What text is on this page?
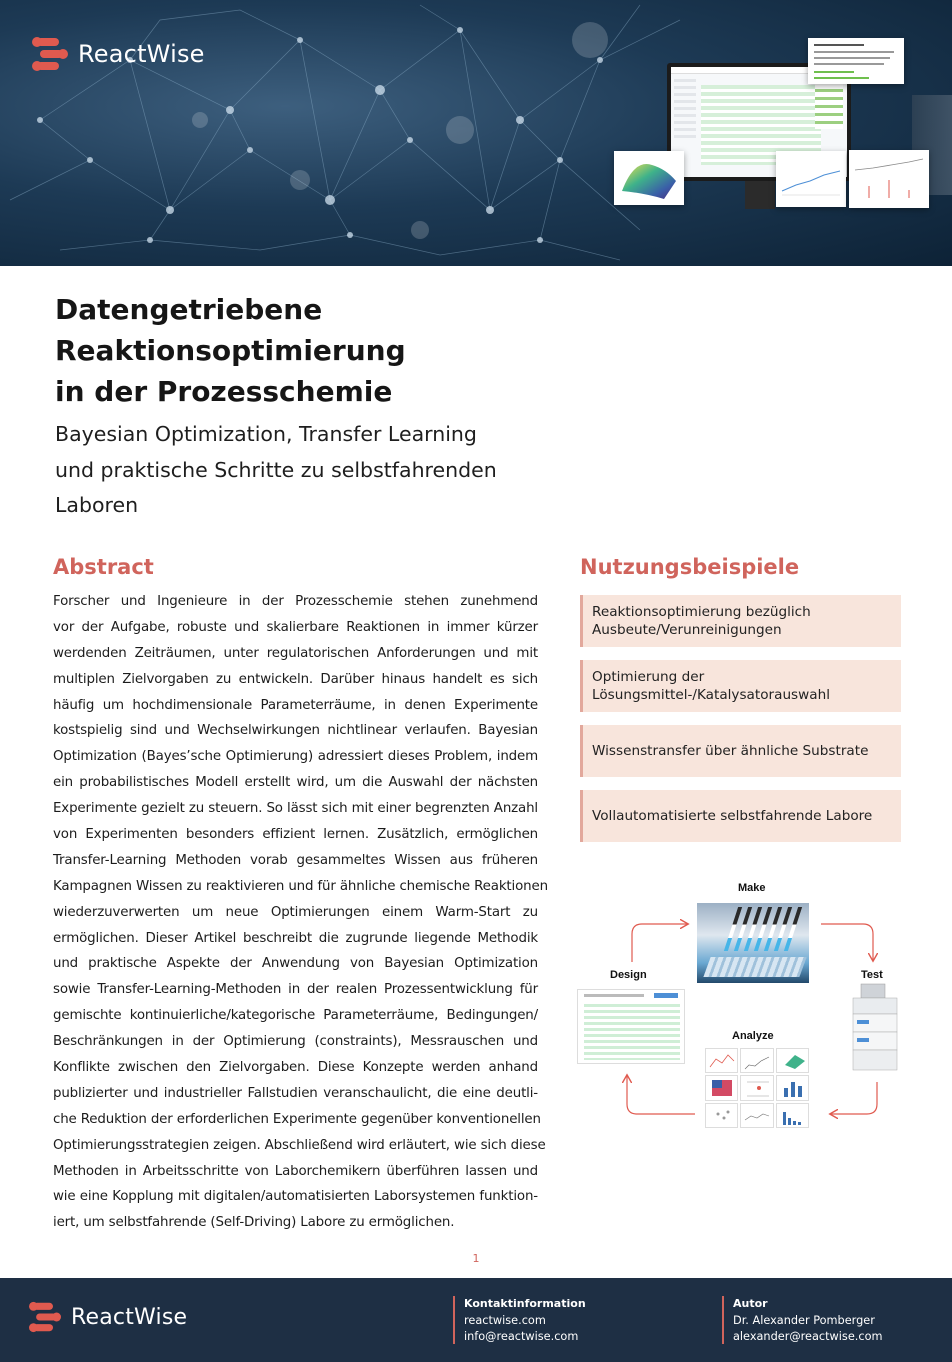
ReactWise
Datengetriebene
Reaktionsoptimierung
in der Prozesschemie
Bayesian Optimization, Transfer Learning
und praktische Schritte zu selbstfahrenden
Laboren
Abstract
Forscher und Ingenieure in der Prozesschemie stehen zunehmend
vor der Aufgabe, robuste und skalierbare Reaktionen in immer kürzer
werdenden Zeiträumen, unter regulatorischen Anforderungen und mit
multiplen Zielvorgaben zu entwickeln. Darüber hinaus handelt es sich
häufig um hochdimensionale Parameterräume, in denen Experimente
kostspielig sind und Wechselwirkungen nichtlinear verlaufen. Bayesian
Optimization (Bayes’sche Optimierung) adressiert dieses Problem, indem
ein probabilistisches Modell erstellt wird, um die Auswahl der nächsten
Experimente gezielt zu steuern. So lässt sich mit einer begrenzten Anzahl
von Experimenten besonders effizient lernen. Zusätzlich, ermöglichen
Transfer-Learning Methoden vorab gesammeltes Wissen aus früheren
Kampagnen Wissen zu reaktivieren und für ähnliche chemische Reaktionen
wiederzuverwerten um neue Optimierungen einem Warm-Start zu
ermöglichen. Dieser Artikel beschreibt die zugrunde liegende Methodik
und praktische Aspekte der Anwendung von Bayesian Optimization
sowie Transfer-Learning-Methoden in der realen Prozessentwicklung für
gemischte kontinuierliche/kategorische Parameterräume, Bedingungen/
Beschränkungen in der Optimierung (constraints), Messrauschen und
Konflikte zwischen den Zielvorgaben. Diese Konzepte werden anhand
publizierter und industrieller Fallstudien veranschaulicht, die eine deutli-
che Reduktion der erforderlichen Experimente gegenüber konventionellen
Optimierungsstrategien zeigen. Abschließend wird erläutert, wie sich diese
Methoden in Arbeitsschritte von Laborchemikern überführen lassen und
wie eine Kopplung mit digitalen/automatisierten Laborsystemen funktion-
iert, um selbstfahrende (Self-Driving) Labore zu ermöglichen.
Nutzungsbeispiele
Reaktionsoptimierung bezüglich
Ausbeute/Verunreinigungen
Optimierung der
Lösungsmittel-/Katalysatorauswahl
Wissenstransfer über ähnliche Substrate
Vollautomatisierte selbstfahrende Labore
Make
Design	Test
Analyze
1
ReactWise
Kontaktinformation
reactwise.com
info@reactwise.com
Autor
Dr. Alexander Pomberger
alexander@reactwise.com
